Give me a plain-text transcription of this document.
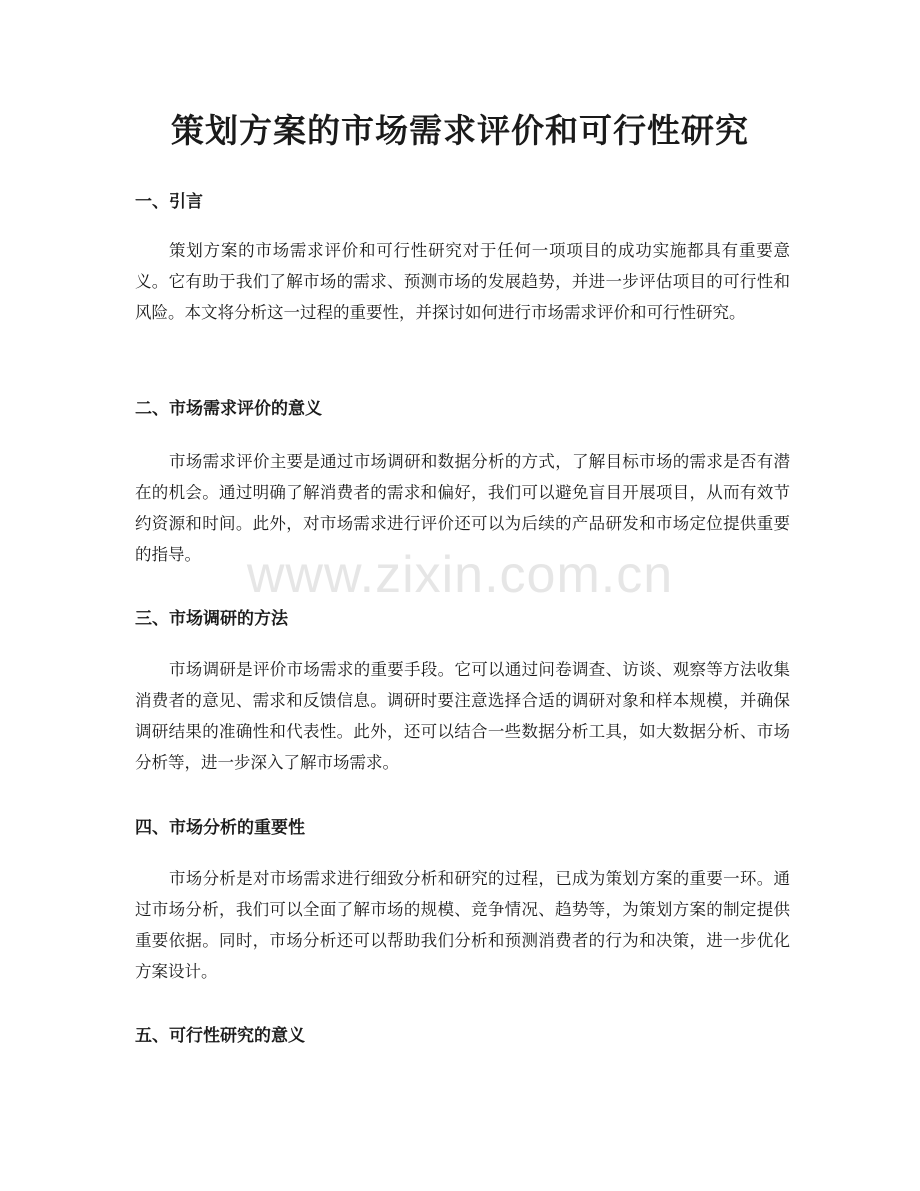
策划方案的市场需求评价和可行性研究
一、引言

策划方案的市场需求评价和可行性研究对于任何一项项目的成功实施都具有重要意义。它有助于我们了解市场的需求、预测市场的发展趋势，并进一步评估项目的可行性和风险。本文将分析这一过程的重要性，并探讨如何进行市场需求评价和可行性研究。

二、市场需求评价的意义

市场需求评价主要是通过市场调研和数据分析的方式，了解目标市场的需求是否有潜在的机会。通过明确了解消费者的需求和偏好，我们可以避免盲目开展项目，从而有效节约资源和时间。此外，对市场需求进行评价还可以为后续的产品研发和市场定位提供重要的指导。

三、市场调研的方法

市场调研是评价市场需求的重要手段。它可以通过问卷调查、访谈、观察等方法收集消费者的意见、需求和反馈信息。调研时要注意选择合适的调研对象和样本规模，并确保调研结果的准确性和代表性。此外，还可以结合一些数据分析工具，如大数据分析、市场分析等，进一步深入了解市场需求。

四、市场分析的重要性

市场分析是对市场需求进行细致分析和研究的过程，已成为策划方案的重要一环。通过市场分析，我们可以全面了解市场的规模、竞争情况、趋势等，为策划方案的制定提供重要依据。同时，市场分析还可以帮助我们分析和预测消费者的行为和决策，进一步优化方案设计。

五、可行性研究的意义
www.zixin.com.cn
